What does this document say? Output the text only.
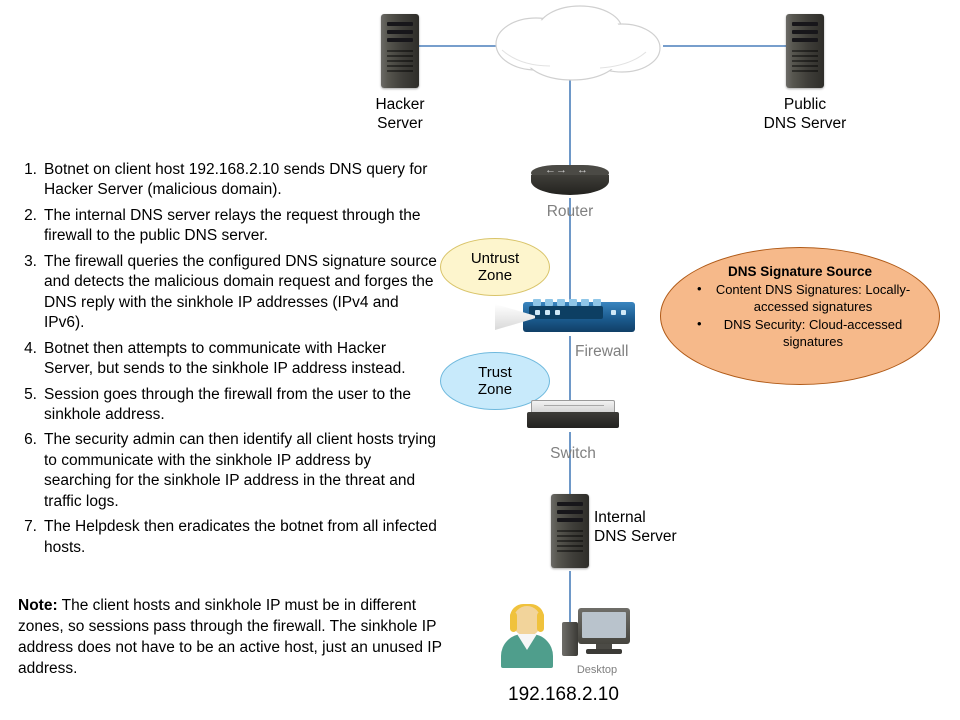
Hacker
Server
Public
DNS Server
←→ ↔
Router
Untrust
Zone
Trust
Zone
Firewall
DNS Signature Source
• Content DNS Signatures: Locally-accessed signatures
• DNS Security: Cloud-accessed signatures
Switch
Internal
DNS Server
Desktop
192.168.2.10
1. Botnet on client host 192.168.2.10 sends DNS query for Hacker Server (malicious domain).
2. The internal DNS server relays the request through the firewall to the public DNS server.
3. The firewall queries the configured DNS signature source and detects the malicious domain request and forges the DNS reply with the sinkhole IP addresses (IPv4 and IPv6).
4. Botnet then attempts to communicate with Hacker Server, but sends to the sinkhole IP address instead.
5. Session goes through the firewall from the user to the sinkhole address.
6. The security admin can then identify all client hosts trying to communicate with the sinkhole IP address by searching for the sinkhole IP address in the threat and traffic logs.
7. The Helpdesk then eradicates the botnet from all infected hosts.
Note: The client hosts and sinkhole IP must be in different zones, so sessions pass through the firewall. The sinkhole IP address does not have to be an active host, just an unused IP address.
